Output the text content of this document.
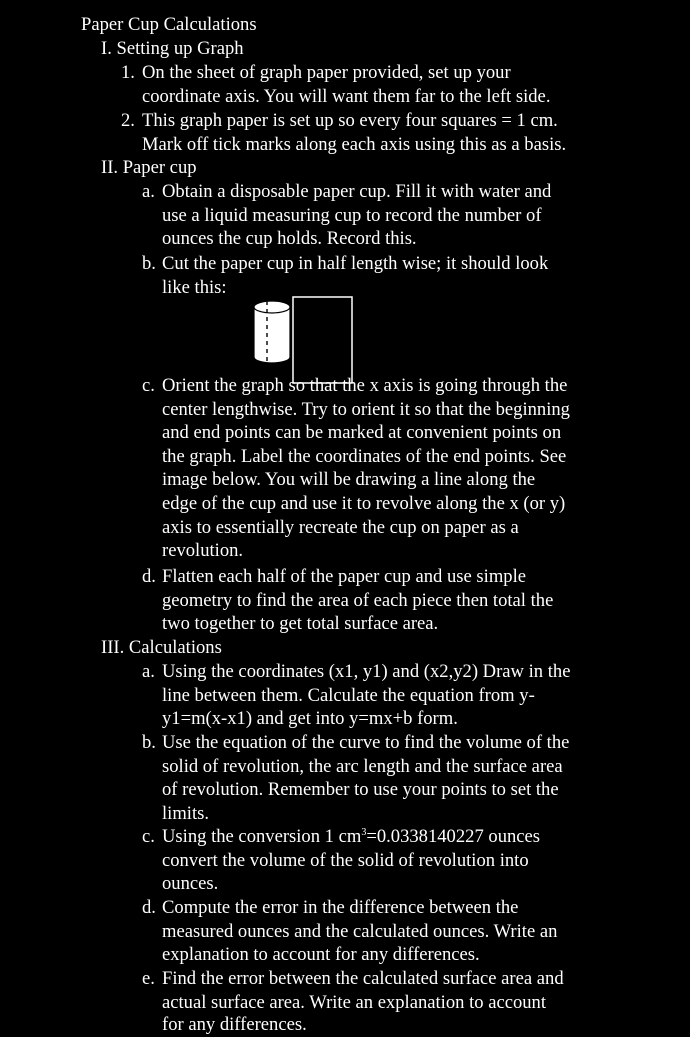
Paper Cup Calculations
I. Setting up Graph
1. On the sheet of graph paper provided, set up your
coordinate axis. You will want them far to the left side.
2. This graph paper is set up so every four squares = 1 cm.
Mark off tick marks along each axis using this as a basis.
II. Paper cup
a. Obtain a disposable paper cup. Fill it with water and
use a liquid measuring cup to record the number of
ounces the cup holds. Record this.
b. Cut the paper cup in half length wise; it should look
like this:
c. Orient the graph so that the x axis is going through the
center lengthwise. Try to orient it so that the beginning
and end points can be marked at convenient points on
the graph. Label the coordinates of the end points. See
image below. You will be drawing a line along the
edge of the cup and use it to revolve along the x (or y)
axis to essentially recreate the cup on paper as a
revolution.
d. Flatten each half of the paper cup and use simple
geometry to find the area of each piece then total the
two together to get total surface area.
III. Calculations
a. Using the coordinates (x1, y1) and (x2,y2) Draw in the
line between them. Calculate the equation from y-
y1=m(x-x1) and get into y=mx+b form.
b. Use the equation of the curve to find the volume of the
solid of revolution, the arc length and the surface area
of revolution. Remember to use your points to set the
limits.
c. Using the conversion 1 $cm^3=0.0338140227$ ounces
convert the volume of the solid of revolution into
ounces.
d. Compute the error in the difference between the
measured ounces and the calculated ounces. Write an
explanation to account for any differences.
e. Find the error between the calculated surface area and
actual surface area. Write an explanation to account
for any differences.
